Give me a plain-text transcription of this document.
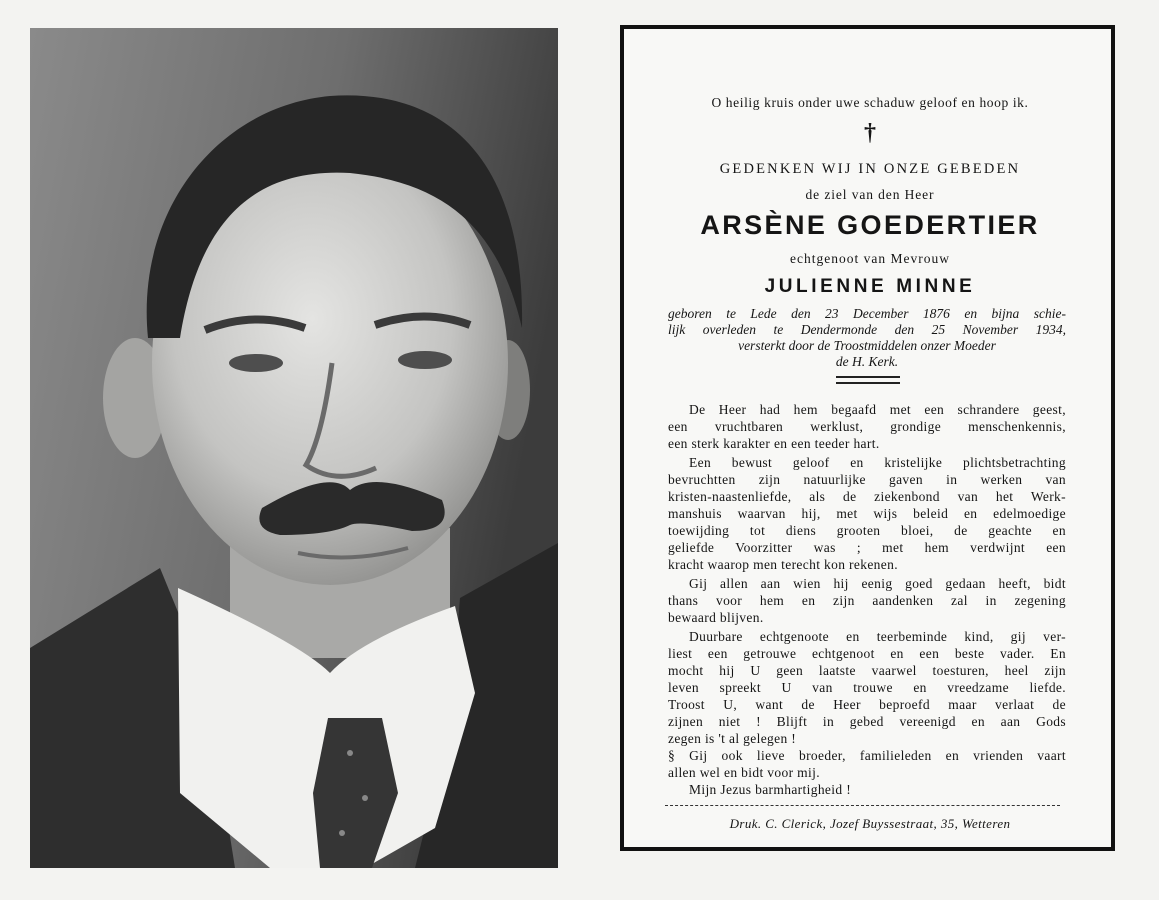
O heilig kruis onder uwe schaduw geloof en hoop ik.
†
GEDENKEN WIJ IN ONZE GEBEDEN
de ziel van den Heer
ARSÈNE GOEDERTIER
echtgenoot van Mevrouw
JULIENNE MINNE
geboren te Lede den 23 December 1876 en bijna schie-
lijk overleden te Dendermonde den 25 November 1934,
versterkt door de Troostmiddelen onzer Moeder
de H. Kerk.
De Heer had hem begaafd met een schrandere geest,
een vruchtbaren werklust, grondige menschenkennis,
een sterk karakter en een teeder hart.
Een bewust geloof en kristelijke plichtsbetrachting
bevruchtten zijn natuurlijke gaven in werken van
kristen-naastenliefde, als de ziekenbond van het Werk-
manshuis waarvan hij, met wijs beleid en edelmoedige
toewijding tot diens grooten bloei, de geachte en
geliefde Voorzitter was ; met hem verdwijnt een
kracht waarop men terecht kon rekenen.
Gij allen aan wien hij eenig goed gedaan heeft, bidt
thans voor hem en zijn aandenken zal in zegening
bewaard blijven.
Duurbare echtgenoote en teerbeminde kind, gij ver-
liest een getrouwe echtgenoot en een beste vader. En
mocht hij U geen laatste vaarwel toesturen, heel zijn
leven spreekt U van trouwe en vreedzame liefde.
Troost U, want de Heer beproefd maar verlaat de
zijnen niet ! Blijft in gebed vereenigd en aan Gods
zegen is 't al gelegen !
§ Gij ook lieve broeder, familieleden en vrienden vaart
allen wel en bidt voor mij.
Mijn Jezus barmhartigheid !
Druk. C. Clerick, Jozef Buyssestraat, 35, Wetteren
